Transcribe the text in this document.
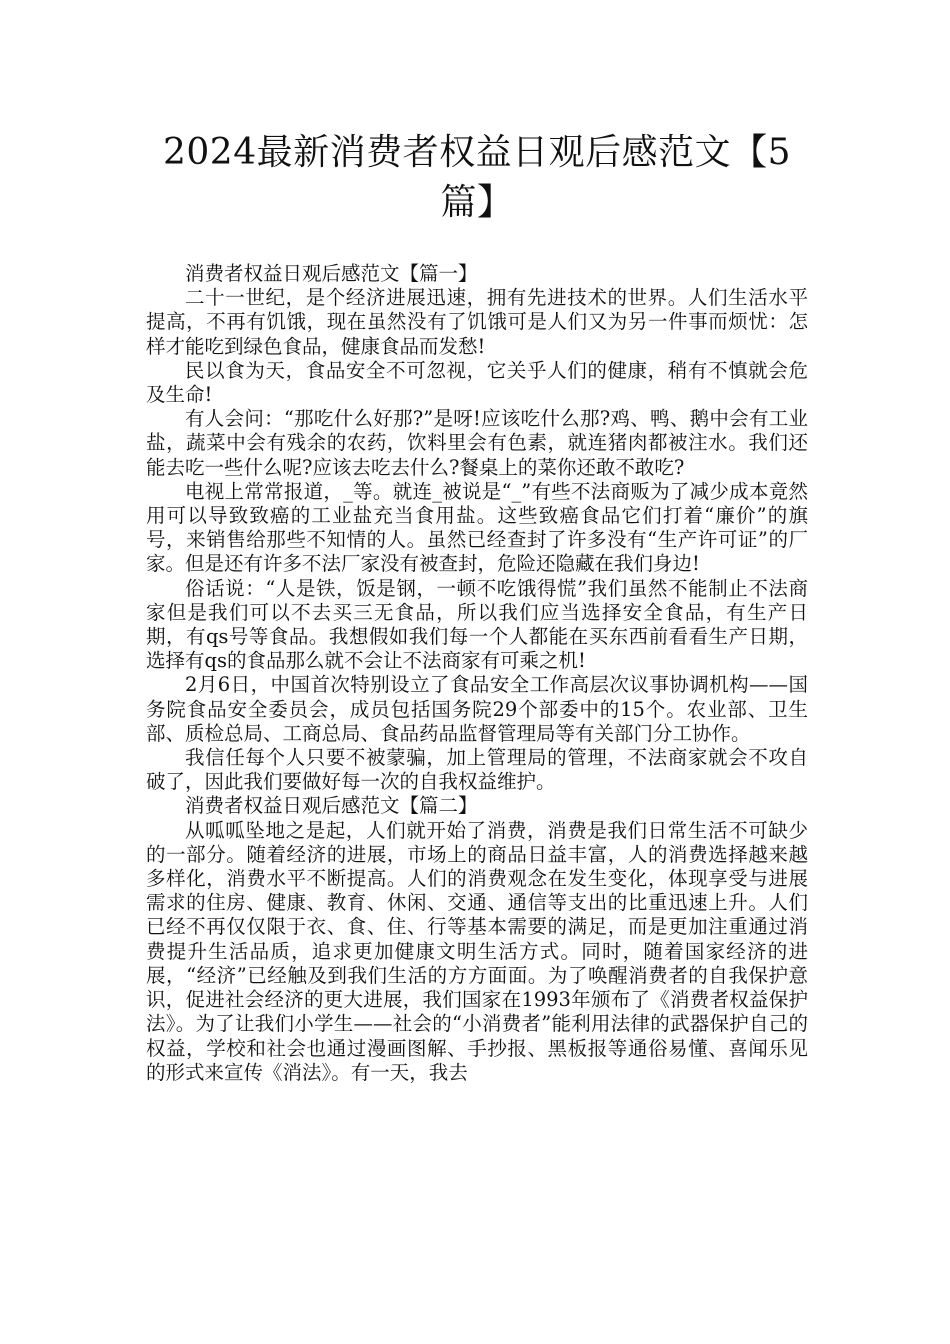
2024最新消费者权益日观后感范文【5篇】

消费者权益日观后感范文【篇一】

二十一世纪，是个经济进展迅速，拥有先进技术的世界。人们生活水平提高，不再有饥饿，现在虽然没有了饥饿可是人们又为另一件事而烦忧：怎样才能吃到绿色食品，健康食品而发愁!

民以食为天，食品安全不可忽视，它关乎人们的健康，稍有不慎就会危及生命!

有人会问：“那吃什么好那?”是呀!应该吃什么那?鸡、鸭、鹅中会有工业盐，蔬菜中会有残余的农药，饮料里会有色素，就连猪肉都被注水。我们还能去吃一些什么呢?应该去吃去什么?餐桌上的菜你还敢不敢吃?

电视上常常报道，_等。就连_被说是“_”有些不法商贩为了减少成本竟然用可以导致致癌的工业盐充当食用盐。这些致癌食品它们打着“廉价”的旗号，来销售给那些不知情的人。虽然已经查封了许多没有“生产许可证”的厂家。但是还有许多不法厂家没有被查封，危险还隐藏在我们身边!

俗话说：“人是铁，饭是钢，一顿不吃饿得慌”我们虽然不能制止不法商家但是我们可以不去买三无食品，所以我们应当选择安全食品，有生产日期，有qs号等食品。我想假如我们每一个人都能在买东西前看看生产日期，选择有qs的食品那么就不会让不法商家有可乘之机!

2月6日，中国首次特别设立了食品安全工作高层次议事协调机构——国务院食品安全委员会，成员包括国务院29个部委中的15个。农业部、卫生部、质检总局、工商总局、食品药品监督管理局等有关部门分工协作。

我信任每个人只要不被蒙骗，加上管理局的管理，不法商家就会不攻自破了，因此我们要做好每一次的自我权益维护。

消费者权益日观后感范文【篇二】

从呱呱坠地之是起，人们就开始了消费，消费是我们日常生活不可缺少的一部分。随着经济的进展，市场上的商品日益丰富，人的消费选择越来越多样化，消费水平不断提高。人们的消费观念在发生变化，体现享受与进展需求的住房、健康、教育、休闲、交通、通信等支出的比重迅速上升。人们已经不再仅仅限于衣、食、住、行等基本需要的满足，而是更加注重通过消费提升生活品质，追求更加健康文明生活方式。同时，随着国家经济的进展，“经济”已经触及到我们生活的方方面面。为了唤醒消费者的自我保护意识，促进社会经济的更大进展，我们国家在1993年颁布了《消费者权益保护法》。为了让我们小学生——社会的“小消费者”能利用法律的武器保护自己的权益，学校和社会也通过漫画图解、手抄报、黑板报等通俗易懂、喜闻乐见的形式来宣传《消法》。有一天，我去
